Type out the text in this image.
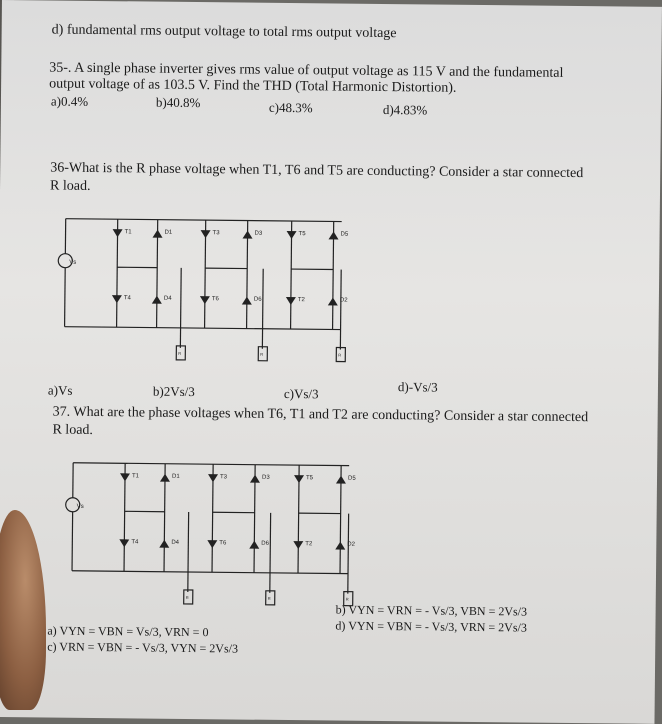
d) fundamental rms output voltage to total rms output voltage
35-. A single phase inverter gives rms value of output voltage as 115 V and the fundamental
output voltage of as 103.5 V. Find the THD (Total Harmonic Distortion).
a)0.4%	b)40.8%	c)48.3%	d)4.83%
36-What is the R phase voltage when T1, T6 and T5 are conducting? Consider a star connected
R load.
Vs
T1	D1	T3	D3	T5	D5
T4	D4	T6	D6	T2	D2
R	R	R
a)Vs	b)2Vs/3	c)Vs/3	d)-Vs/3
37. What are the phase voltages when T6, T1 and T2 are conducting? Consider a star connected
R load.
Vs
T1	D1	T3	D3	T5	D5
T4	D4	T6	D6	T2	D2
R	R	R
a) VYN = VBN = Vs/3, VRN = 0
b) VYN = VRN = - Vs/3, VBN = 2Vs/3
c) VRN = VBN = - Vs/3, VYN = 2Vs/3
d) VYN = VBN = - Vs/3, VRN = 2Vs/3
